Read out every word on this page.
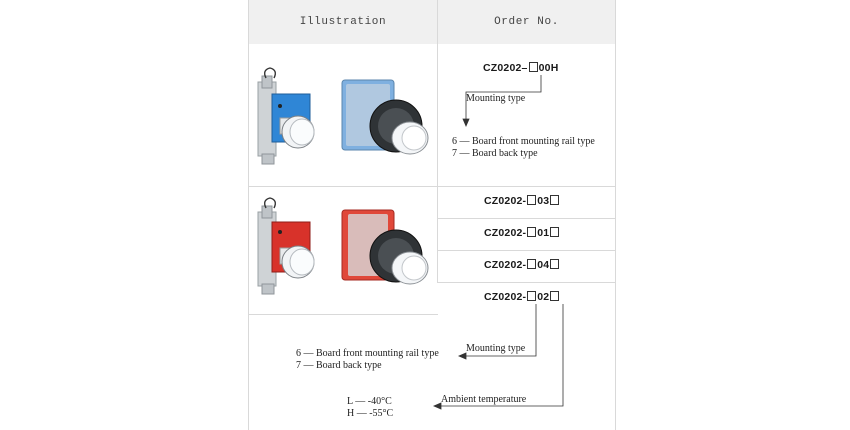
Illustration	Order No.
CZ0202– 00H
Mounting type
6 — Board front mounting rail type
7 — Board back type
CZ0202- 03
CZ0202- 01
CZ0202- 04
CZ0202- 02
Mounting type
6 — Board front mounting rail type
7 — Board back type
Ambient temperature
L — -40°C
H — -55°C
